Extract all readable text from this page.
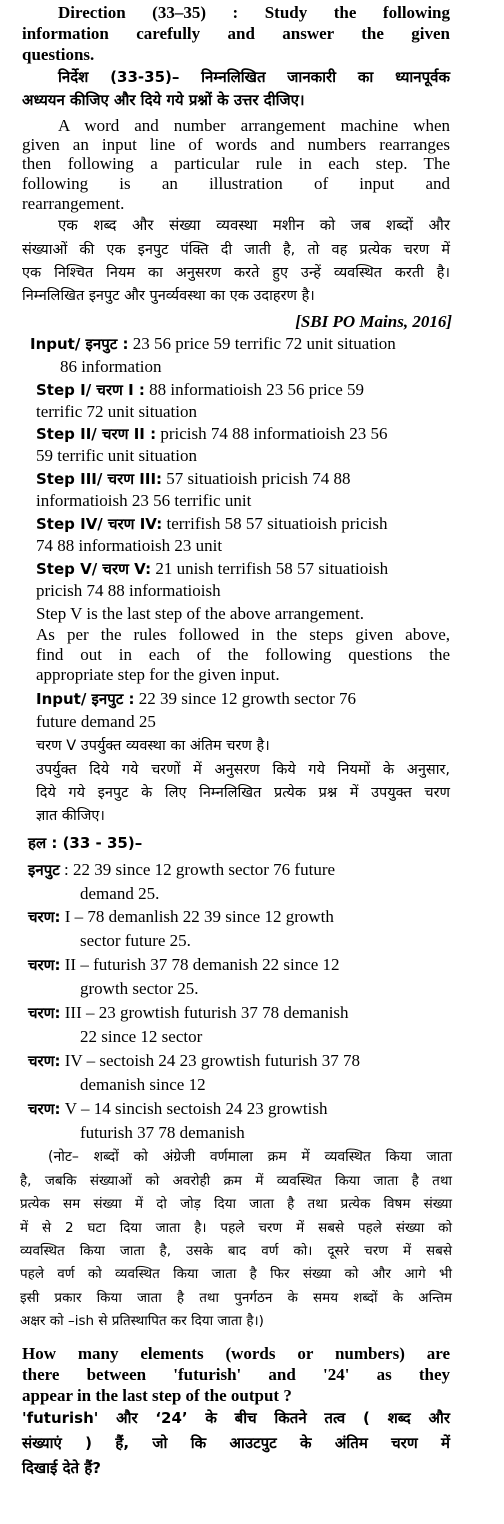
Direction (33–35) : Study the following
information carefully and answer the given
questions.
निर्देश (33-35)– निम्नलिखित जानकारी का ध्यानपूर्वक
अध्ययन कीजिए और दिये गये प्रश्नों के उत्तर दीजिए।
A word and number arrangement machine when
given an input line of words and numbers rearranges
then following a particular rule in each step. The
following is an illustration of input and
rearrangement.
एक शब्द और संख्या व्यवस्था मशीन को जब शब्दों और
संख्याओं की एक इनपुट पंक्ति दी जाती है, तो वह प्रत्येक चरण में
एक निश्चित नियम का अनुसरण करते हुए उन्हें व्यवस्थित करती है।
निम्नलिखित इनपुट और पुनर्व्यवस्था का एक उदाहरण है।
[SBI PO Mains, 2016]
Input/ इनपुट : 23 56 price 59 terrific 72 unit situation
86 information
Step I/ चरण I : 88 informatioish 23 56 price 59
terrific 72 unit situation
Step II/ चरण II : pricish 74 88 informatioish 23 56
59 terrific unit situation
Step III/ चरण III: 57 situatioish pricish 74 88
informatioish 23 56 terrific unit
Step IV/ चरण IV: terrifish 58 57 situatioish pricish
74 88 informatioish 23 unit
Step V/ चरण V: 21 unish terrifish 58 57 situatioish
pricish 74 88 informatioish
Step V is the last step of the above arrangement.
As per the rules followed in the steps given above,
find out in each of the following questions the
appropriate step for the given input.
Input/ इनपुट : 22 39 since 12 growth sector 76
future demand 25
चरण V उपर्युक्त व्यवस्था का अंतिम चरण है।
उपर्युक्त दिये गये चरणों में अनुसरण किये गये नियमों के अनुसार,
दिये गये इनपुट के लिए निम्नलिखित प्रत्येक प्रश्न में उपयुक्त चरण
ज्ञात कीजिए।
हल : (33 - 35)–
इनपुट : 22 39 since 12 growth sector 76 future
demand 25.
चरण: I – 78 demanlish 22 39 since 12 growth
sector future 25.
चरण: II – futurish 37 78 demanish 22 since 12
growth sector 25.
चरण: III – 23 growtish futurish 37 78 demanish
22 since 12 sector
चरण: IV – sectoish 24 23 growtish futurish 37 78
demanish since 12
चरण: V – 14 sincish sectoish 24 23 growtish
futurish 37 78 demanish
(नोट– शब्दों को अंग्रेजी वर्णमाला क्रम में व्यवस्थित किया जाता
है, जबकि संख्याओं को अवरोही क्रम में व्यवस्थित किया जाता है तथा
प्रत्येक सम संख्या में दो जोड़ दिया जाता है तथा प्रत्येक विषम संख्या
में से 2 घटा दिया जाता है। पहले चरण में सबसे पहले संख्या को
व्यवस्थित किया जाता है, उसके बाद वर्ण को। दूसरे चरण में सबसे
पहले वर्ण को व्यवस्थित किया जाता है फिर संख्या को और आगे भी
इसी प्रकार किया जाता है तथा पुनर्गठन के समय शब्दों के अन्तिम
अक्षर को –ish से प्रतिस्थापित कर दिया जाता है।)
How many elements (words or numbers) are
there between 'futurish' and '24' as they
appear in the last step of the output ?
'futurish' और ‘24’ के बीच कितने तत्व ( शब्द और
संख्याएं ) हैं, जो कि आउटपुट के अंतिम चरण में
दिखाई देते हैं?
